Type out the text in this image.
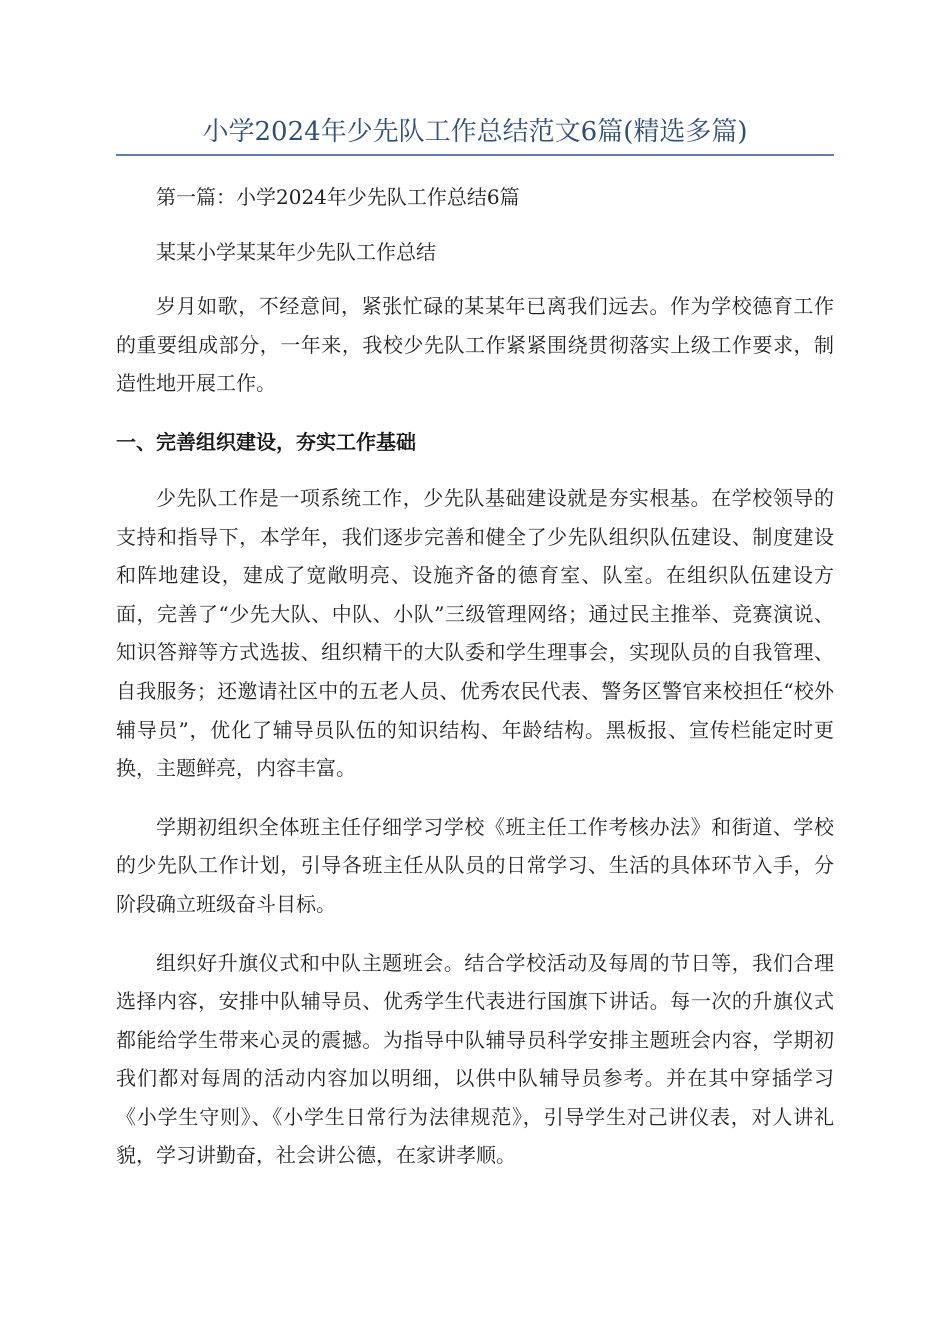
小学2024年少先队工作总结范文6篇(精选多篇)

第一篇：小学2024年少先队工作总结6篇

某某小学某某年少先队工作总结

岁月如歌，不经意间，紧张忙碌的某某年已离我们远去。作为学校德育工作的重要组成部分，一年来，我校少先队工作紧紧围绕贯彻落实上级工作要求，制造性地开展工作。

一、完善组织建设，夯实工作基础

少先队工作是一项系统工作，少先队基础建设就是夯实根基。在学校领导的支持和指导下，本学年，我们逐步完善和健全了少先队组织队伍建设、制度建设和阵地建设，建成了宽敞明亮、设施齐备的德育室、队室。在组织队伍建设方面，完善了“少先大队、中队、小队”三级管理网络；通过民主推举、竞赛演说、知识答辩等方式选拔、组织精干的大队委和学生理事会，实现队员的自我管理、自我服务；还邀请社区中的五老人员、优秀农民代表、警务区警官来校担任“校外辅导员”，优化了辅导员队伍的知识结构、年龄结构。黑板报、宣传栏能定时更换，主题鲜亮，内容丰富。

学期初组织全体班主任仔细学习学校《班主任工作考核办法》和街道、学校的少先队工作计划，引导各班主任从队员的日常学习、生活的具体环节入手，分阶段确立班级奋斗目标。

组织好升旗仪式和中队主题班会。结合学校活动及每周的节日等，我们合理选择内容，安排中队辅导员、优秀学生代表进行国旗下讲话。每一次的升旗仪式都能给学生带来心灵的震撼。为指导中队辅导员科学安排主题班会内容，学期初我们都对每周的活动内容加以明细，以供中队辅导员参考。并在其中穿插学习《小学生守则》、《小学生日常行为法律规范》，引导学生对己讲仪表，对人讲礼貌，学习讲勤奋，社会讲公德，在家讲孝顺。
